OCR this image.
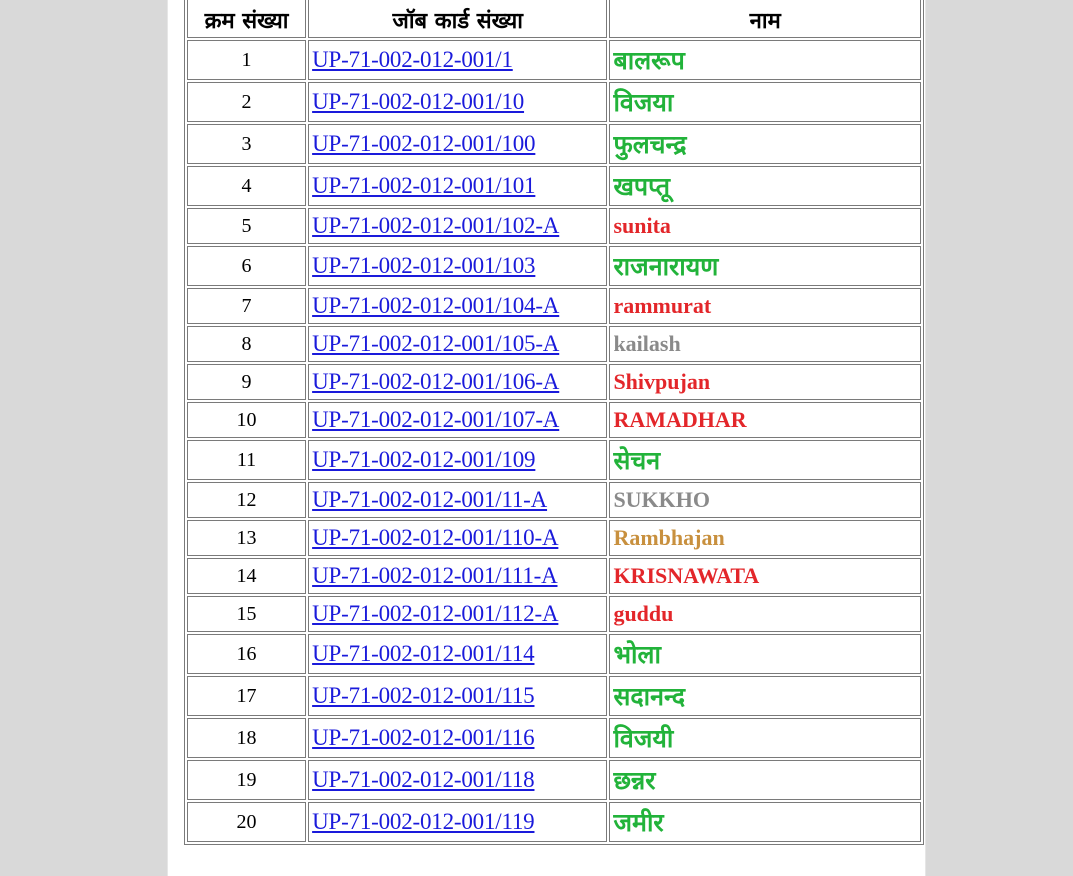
क्रम संख्या	जॉब कार्ड संख्या	नाम
1	UP-71-002-012-001/1	बालरूप
2	UP-71-002-012-001/10	विजया
3	UP-71-002-012-001/100	फुलचन्द्र
4	UP-71-002-012-001/101	खपप्तू
5	UP-71-002-012-001/102-A	sunita
6	UP-71-002-012-001/103	राजनारायण
7	UP-71-002-012-001/104-A	rammurat
8	UP-71-002-012-001/105-A	kailash
9	UP-71-002-012-001/106-A	Shivpujan
10	UP-71-002-012-001/107-A	RAMADHAR
11	UP-71-002-012-001/109	सेचन
12	UP-71-002-012-001/11-A	SUKKHO
13	UP-71-002-012-001/110-A	Rambhajan
14	UP-71-002-012-001/111-A	KRISNAWATA
15	UP-71-002-012-001/112-A	guddu
16	UP-71-002-012-001/114	भोला
17	UP-71-002-012-001/115	सदानन्द
18	UP-71-002-012-001/116	विजयी
19	UP-71-002-012-001/118	छन्नर
20	UP-71-002-012-001/119	जमीर
